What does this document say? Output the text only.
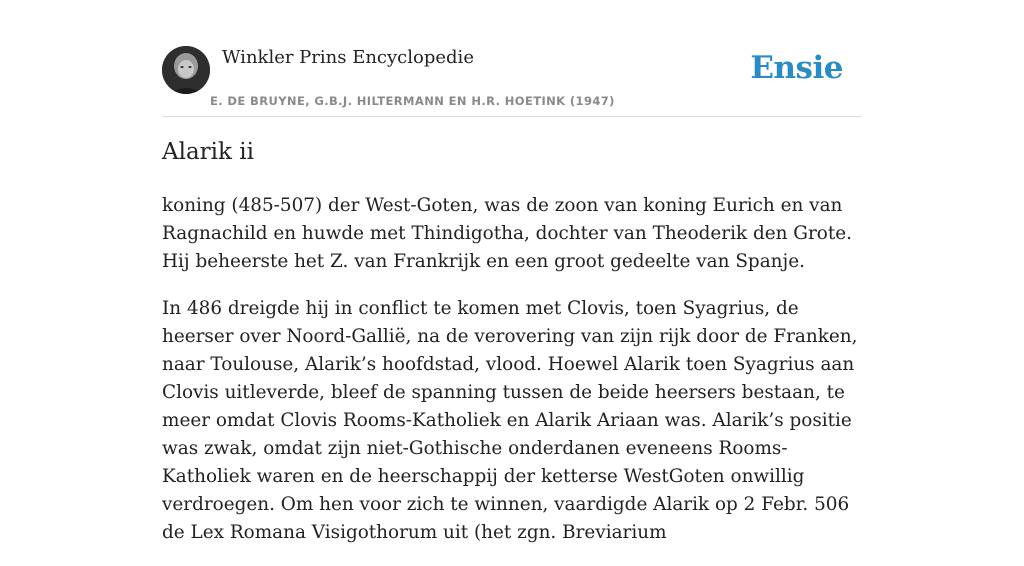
Winkler Prins Encyclopedie
E. DE BRUYNE, G.B.J. HILTERMANN EN H.R. HOETINK (1947)
Ensie
Alarik ii

koning (485-507) der West-Goten, was de zoon van koning Eurich en van Ragnachild en huwde met Thindigotha, dochter van Theoderik den Grote. Hij beheerste het Z. van Frankrijk en een groot gedeelte van Spanje.

In 486 dreigde hij in conflict te komen met Clovis, toen Syagrius, de heerser over Noord-Gallië, na de verovering van zijn rijk door de Franken, naar Toulouse, Alarik’s hoofdstad, vlood. Hoewel Alarik toen Syagrius aan Clovis uitleverde, bleef de spanning tussen de beide heersers bestaan, te meer omdat Clovis Rooms-Katholiek en Alarik Ariaan was. Alarik’s positie was zwak, omdat zijn niet-Gothische onderdanen eveneens Rooms-Katholiek waren en de heerschappij der ketterse WestGoten onwillig verdroegen. Om hen voor zich te winnen, vaardigde Alarik op 2 Febr. 506 de Lex Romana Visigothorum uit (het zgn. Breviarium
